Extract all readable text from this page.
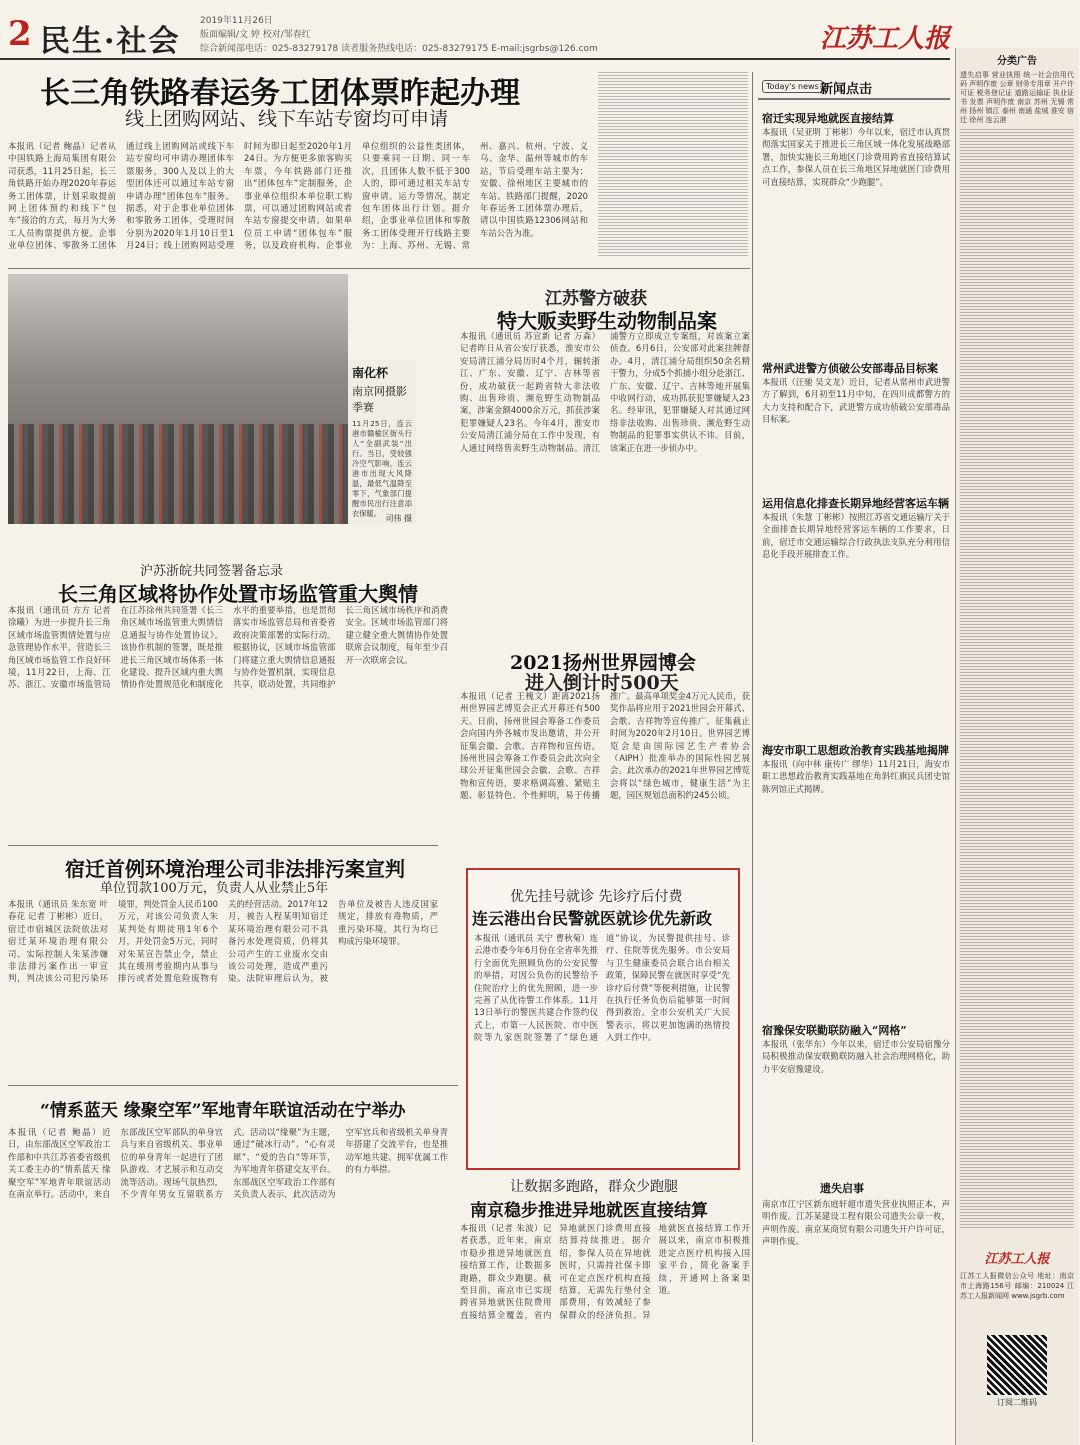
2 民生·社会
2019年11月26日
版面编辑/文 婷 校对/邹春红
综合新闻部电话：025-83279178 读者服务热线电话：025-83279175 E-mail:jsgrbs@126.com	江苏工人报
长三角铁路春运务工团体票昨起办理
线上团购网站、线下车站专窗均可申请
本报讯（记者 鲍晶）记者从中国铁路上海局集团有限公司获悉，11月25日起，长三角铁路开始办理2020年春运务工团体票，计划采取提前网上团体预约和线下“包车”接洽的方式，每月为大务工人员购票提供方便。企事业单位团体、零散务工团体通过线上团购网站或线下车站专窗均可申请办理团体车票服务，300人及以上的大型团体还可以通过车站专窗申请办理“团体包车”服务。据悉，对于企事业单位团体和零散务工团体，受理时间分别为2020年1月10日至1月24日；线上团购网站受理时间为即日起至2020年1月24日。为方便更多旅客购买车票，今年铁路部门还推出“团体包车”定制服务，企事业单位组织本单位职工购票，可以通过团购网站或者车站专窗提交申请。如果单位员工申请“团体包车”服务，以及政府机构、企事业单位组织的公益性类团体，只要乘同一日期、同一车次，且团体人数不低于300人的，即可通过相关车站专窗申请。运力等情况，制定包车团体出行计划。据介绍，企事业单位团体和零散务工团体受理开行线路主要为：上海、苏州、无锡、常州、嘉兴、杭州、宁波、义乌、金华、温州等城市的车站，节后受理车站主要为：安徽、徐州地区主要城市的车站。铁路部门提醒，2020年春运务工团体票办理后，请以中国铁路12306网站和车站公告为准。
南化杯
南京网摄影季赛
11月25日，连云港市赣榆区街头行人“全副武装”出行。当日，受较强冷空气影响，连云港市出现大风降温，最低气温降至零下，气象部门提醒市民出行注意添衣保暖。
司伟 摄
江苏警方破获
特大贩卖野生动物制品案
本报讯（通讯员 苏宣新 记者 万森）记者昨日从省公安厅获悉，淮安市公安局清江浦分局历时4个月，辗转浙江、广东、安徽、辽宁、吉林等省份，成功破获一起跨省特大非法收购、出售珍贵、濒危野生动物制品案，涉案金额4000余万元，抓获涉案犯罪嫌疑人23名。今年4月，淮安市公安局清江浦分局在工作中发现，有人通过网络售卖野生动物制品。清江浦警方立即成立专案组，对该案立案侦查。6月6日，公安部对此案挂牌督办。4月，清江浦分局组织50余名精干警力，分成5个抓捕小组分赴浙江、广东、安徽、辽宁、吉林等地开展集中收网行动，成功抓获犯罪嫌疑人23名。经审讯，犯罪嫌疑人对其通过网络非法收购、出售珍贵、濒危野生动物制品的犯罪事实供认不讳。目前，该案正在进一步侦办中。
沪苏浙皖共同签署备忘录
长三角区域将协作处置市场监管重大舆情
本报讯（通讯员 方方 记者 徐曦）为进一步提升长三角区域市场监管舆情处置与应急管理协作水平，营造长三角区域市场监管工作良好环境，11月22日，上海、江苏、浙江、安徽市场监管局在江苏徐州共同签署《长三角区域市场监管重大舆情信息通报与协作处置协议》。该协作机制的签署，既是推进长三角区域市场体系一体化建设、提升区域内重大舆情协作处置规范化和制度化水平的重要举措，也是贯彻落实市场监管总局和省委省政府决策部署的实际行动。根据协议，区域市场监管部门将建立重大舆情信息通报与协作处置机制，实现信息共享，联动处置，共同维护长三角区域市场秩序和消费安全。区域市场监管部门将建立健全重大舆情协作处置联席会议制度，每年至少召开一次联席会议。	2021扬州世界园博会
进入倒计时500天
本报讯（记者 王槐文）距离2021扬州世界园艺博览会正式开幕还有500天。日前，扬州世园会筹备工作委员会向国内外各城市发出邀请，并公开征集会徽、会歌、吉祥物和宣传语。扬州世园会筹备工作委员会此次向全球公开征集世园会会徽、会歌、吉祥物和宣传语，要求格调高雅、紧贴主题、彰显特色、个性鲜明，易于传播推广。最高单项奖金4万元人民币，获奖作品将应用于2021世园会开幕式、会歌、吉祥物等宣传推广。征集截止时间为2020年2月10日。世界园艺博览会是由国际园艺生产者协会（AIPH）批准举办的国际性园艺展会。此次承办的2021年世界园艺博览会将以“绿色城市，健康生活”为主题，园区规划总面积约245公顷。
宿迁首例环境治理公司非法排污案宣判
单位罚款100万元，负责人从业禁止5年
本报讯（通讯员 朱东宽 叶春花 记者 丁彬彬）近日，宿迁市宿城区法院依法对宿迁某环境治理有限公司、实际控制人朱某涉嫌非法排污案作出一审宣判，判决该公司犯污染环境罪，判处罚金人民币100万元，对该公司负责人朱某判处有期徒刑1年6个月，并处罚金5万元，同时对朱某宣告禁止令，禁止其在缓刑考验期内从事与排污或者处置危险废物有关的经营活动。2017年12月，被告人程某明知宿迁某环境治理有限公司不具备污水处理资质，仍将其公司产生的工业废水交由该公司处理，造成严重污染。法院审理后认为，被告单位及被告人违反国家规定，排放有毒物质，严重污染环境，其行为均已构成污染环境罪。
优先挂号就诊 先诊疗后付费
连云港出台民警就医就诊优先新政
本报讯（通讯员 关宁 曹秋菊）连云港市委今年6月份在全省率先推行全面优先照顾负伤的公安民警的举措，对因公负伤的民警给予住院治疗上的优先照顾，进一步完善了从优待警工作体系。11月13日举行的警医共建合作签约仪式上，市第一人民医院、市中医院等九家医院签署了“绿色通道”协议，为民警提供挂号、诊疗、住院等优先服务。市公安局与卫生健康委员会联合出台相关政策，保障民警在就医时享受“先诊疗后付费”等便利措施，让民警在执行任务负伤后能够第一时间得到救治。全市公安机关广大民警表示，将以更加饱满的热情投入到工作中。
“情系蓝天 缘聚空军”军地青年联谊活动在宁举办
本报讯（记者 鲍晶）近日，由东部战区空军政治工作部和中共江苏省委省级机关工委主办的“情系蓝天 缘聚空军”军地青年联谊活动在南京举行。活动中，来自东部战区空军部队的单身官兵与来自省级机关、事业单位的单身青年一起进行了团队游戏、才艺展示和互动交流等活动。现场气氛热烈，不少青年男女互留联系方式。活动以“缘聚”为主题，通过“破冰行动”、“心有灵犀”、“爱的告白”等环节，为军地青年搭建交友平台。东部战区空军政治工作部有关负责人表示，此次活动为空军官兵和省级机关单身青年搭建了交流平台，也是推动军地共建、拥军优属工作的有力举措。
让数据多跑路，群众少跑腿
南京稳步推进异地就医直接结算
本报讯（记者 朱波）记者获悉，近年来，南京市稳步推进异地就医直接结算工作，让数据多跑路，群众少跑腿。截至目前，南京市已实现跨省异地就医住院费用直接结算全覆盖，省内异地就医门诊费用直接结算持续推进。据介绍，参保人员在异地就医时，只需持社保卡即可在定点医疗机构直接结算，无需先行垫付全部费用，有效减轻了参保群众的经济负担。异地就医直接结算工作开展以来，南京市积极推进定点医疗机构接入国家平台，简化备案手续，开通网上备案渠道。
Today's news 新闻点击
宿迁实现异地就医直接结算
本报讯（吴亚明 丁彬彬）今年以来，宿迁市认真贯彻落实国家关于推进长三角区域一体化发展战略部署，加快实施长三角地区门诊费用跨省直接结算试点工作，参保人员在长三角地区异地就医门诊费用可直接结算，实现群众“少跑腿”。
常州武进警方侦破公安部毒品目标案
本报讯（汪驰 吴文龙）近日，记者从常州市武进警方了解到，6月初至11月中旬，在四川成都警方的大力支持和配合下，武进警方成功侦破公安部毒品目标案。
运用信息化排查长期异地经营客运车辆
本报讯（朱慧 丁彬彬）按照江苏省交通运输厅关于全面排查长期异地经营客运车辆的工作要求，日前，宿迁市交通运输综合行政执法支队充分利用信息化手段开展排查工作。
海安市职工思想政治教育实践基地揭牌
本报讯（向中林 康传广 缪华）11月21日，海安市职工思想政治教育实践基地在角斜红旗民兵团史馆陈列馆正式揭牌。
宿豫保安联勤联防融入“网格”
本报讯（张华东）今年以来，宿迁市公安局宿豫分局积极推动保安联勤联防融入社会治理网格化，助力平安宿豫建设。
遗失启事
南京市江宁区新东庭轩超市遗失营业执照正本，声明作废。江苏某建设工程有限公司遗失公章一枚，声明作废。南京某商贸有限公司遗失开户许可证，声明作废。
分类广告
遗失启事 营业执照 统一社会信用代码 声明作废 公章 财务专用章 开户许可证 税务登记证 道路运输证 执业证书 发票 声明作废 南京 苏州 无锡 常州 扬州 镇江 泰州 南通 盐城 淮安 宿迁 徐州 连云港
江苏工人报
江苏工人报微信公众号 地址：南京市上海路156号 邮编：210024 江苏工人报新闻网 www.jsgrb.com
订阅二维码
